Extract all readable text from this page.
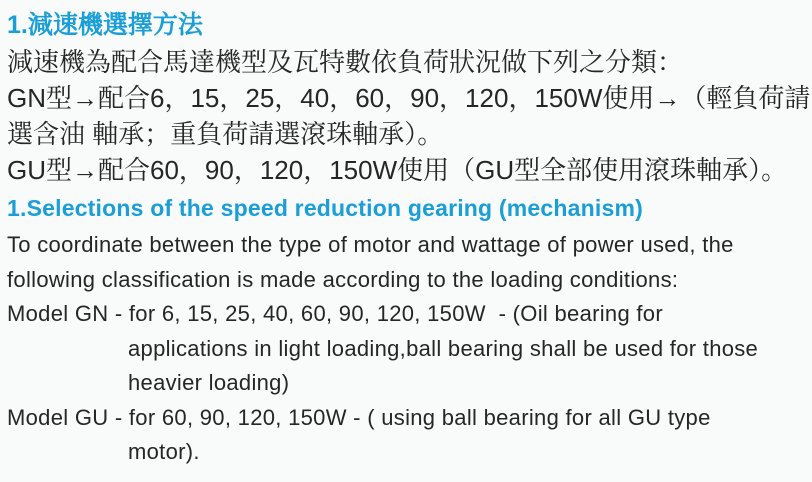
1.減速機選擇方法
減速機為配合馬達機型及瓦特數依負荷狀況做下列之分類：
GN型→配合6，15，25，40，60，90，120，150W使用→（輕負荷請
選含油 軸承；重負荷請選滾珠軸承）。
GU型→配合60，90，120，150W使用（GU型全部使用滾珠軸承）。
1.Selections of the speed reduction gearing (mechanism)
To coordinate between the type of motor and wattage of power used, the
following classification is made according to the loading conditions:
Model GN - for 6, 15, 25, 40, 60, 90, 120, 150W  - (Oil bearing for
applications in light loading,ball bearing shall be used for those
heavier loading)
Model GU - for 60, 90, 120, 150W - ( using ball bearing for all GU type
motor).
